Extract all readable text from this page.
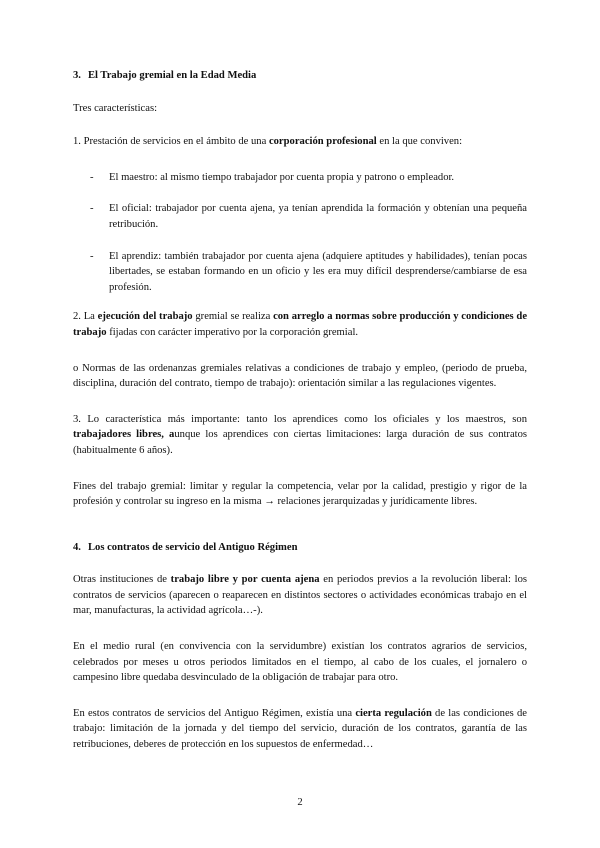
3. El Trabajo gremial en la Edad Media

Tres características:

1. Prestación de servicios en el ámbito de una corporación profesional en la que conviven:

- El maestro: al mismo tiempo trabajador por cuenta propia y patrono o empleador.
- El oficial: trabajador por cuenta ajena, ya tenían aprendida la formación y obtenían una pequeña retribución.
- El aprendiz: también trabajador por cuenta ajena (adquiere aptitudes y habilidades), tenían pocas libertades, se estaban formando en un oficio y les era muy difícil desprenderse/cambiarse de esa profesión.

2. La ejecución del trabajo gremial se realiza con arreglo a normas sobre producción y condiciones de trabajo fijadas con carácter imperativo por la corporación gremial.

o Normas de las ordenanzas gremiales relativas a condiciones de trabajo y empleo, (periodo de prueba, disciplina, duración del contrato, tiempo de trabajo): orientación similar a las regulaciones vigentes.

3. Lo característica más importante: tanto los aprendices como los oficiales y los maestros, son trabajadores libres, aunque los aprendices con ciertas limitaciones: larga duración de sus contratos (habitualmente 6 años).

Fines del trabajo gremial: limitar y regular la competencia, velar por la calidad, prestigio y rigor de la profesión y controlar su ingreso en la misma → relaciones jerarquizadas y jurídicamente libres.

4. Los contratos de servicio del Antiguo Régimen

Otras instituciones de trabajo libre y por cuenta ajena en periodos previos a la revolución liberal: los contratos de servicios (aparecen o reaparecen en distintos sectores o actividades económicas trabajo en el mar, manufacturas, la actividad agrícola…-).

En el medio rural (en convivencia con la servidumbre) existían los contratos agrarios de servicios, celebrados por meses u otros periodos limitados en el tiempo, al cabo de los cuales, el jornalero o campesino libre quedaba desvinculado de la obligación de trabajar para otro.

En estos contratos de servicios del Antiguo Régimen, existía una cierta regulación de las condiciones de trabajo: limitación de la jornada y del tiempo del servicio, duración de los contratos, garantía de las retribuciones, deberes de protección en los supuestos de enfermedad…

2
